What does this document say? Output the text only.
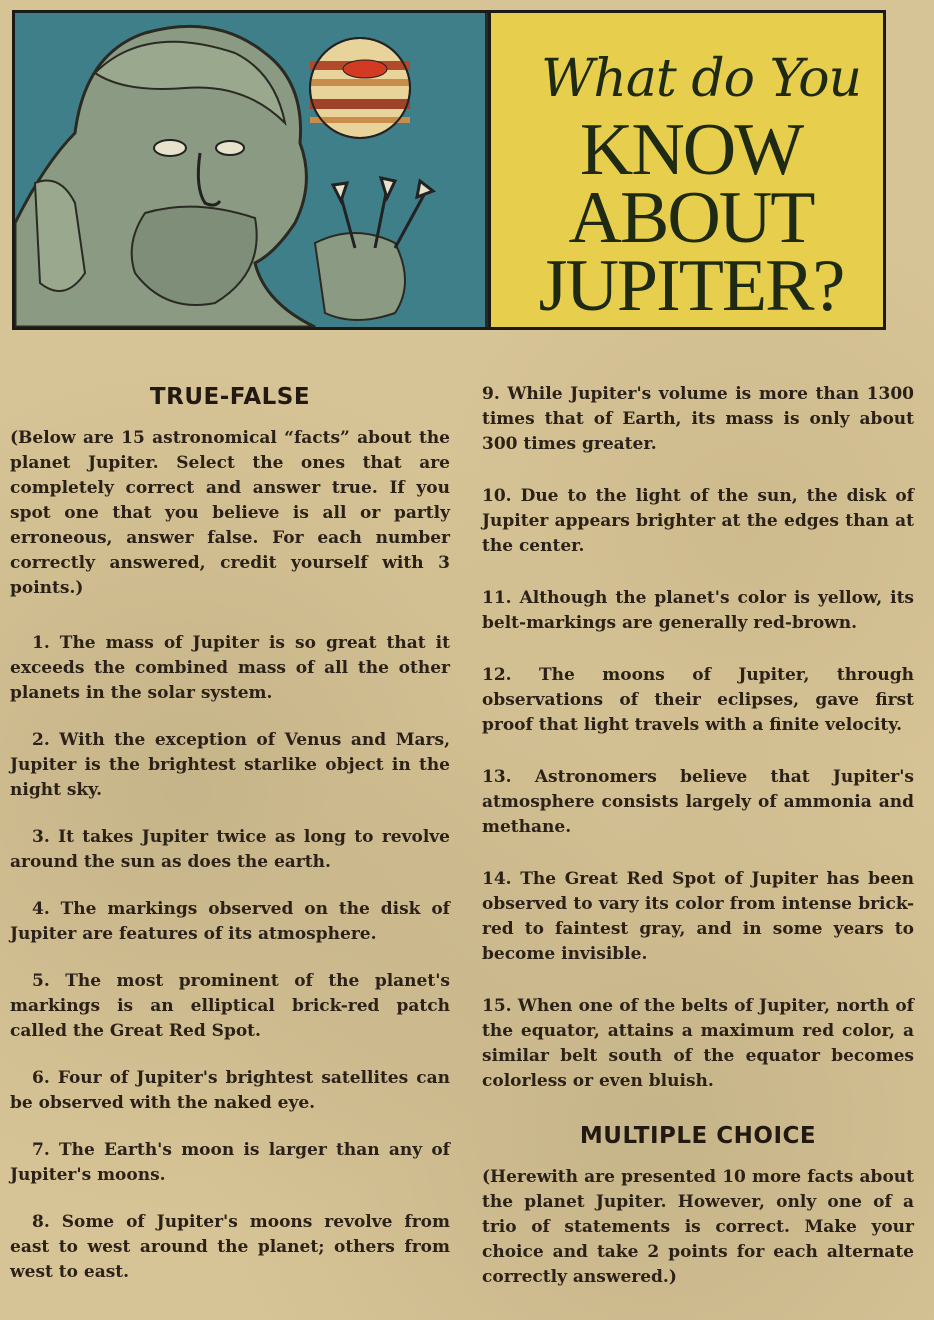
What do You
KNOW
ABOUT
JUPITER?
TRUE-FALSE

(Below are 15 astronomical “facts” about the planet Jupiter. Select the ones that are completely correct and answer true. If you spot one that you believe is all or partly erroneous, answer false. For each number correctly answered, credit yourself with 3 points.)

1. The mass of Jupiter is so great that it exceeds the combined mass of all the other planets in the solar system.

2. With the exception of Venus and Mars, Jupiter is the brightest starlike object in the night sky.

3. It takes Jupiter twice as long to revolve around the sun as does the earth.

4. The markings observed on the disk of Jupiter are features of its atmosphere.

5. The most prominent of the planet's markings is an elliptical brick-red patch called the Great Red Spot.

6. Four of Jupiter's brightest satellites can be observed with the naked eye.

7. The Earth's moon is larger than any of Jupiter's moons.

8. Some of Jupiter's moons revolve from east to west around the planet; others from west to east.

9. While Jupiter's volume is more than 1300 times that of Earth, its mass is only about 300 times greater.

10. Due to the light of the sun, the disk of Jupiter appears brighter at the edges than at the center.

11. Although the planet's color is yellow, its belt-markings are generally red-brown.

12. The moons of Jupiter, through observations of their eclipses, gave first proof that light travels with a finite velocity.

13. Astronomers believe that Jupiter's atmosphere consists largely of ammonia and methane.

14. The Great Red Spot of Jupiter has been observed to vary its color from intense brick-red to faintest gray, and in some years to become invisible.

15. When one of the belts of Jupiter, north of the equator, attains a maximum red color, a similar belt south of the equator becomes colorless or even bluish.

MULTIPLE CHOICE

(Herewith are presented 10 more facts about the planet Jupiter. However, only one of a trio of statements is correct. Make your choice and take 2 points for each alternate correctly answered.)
